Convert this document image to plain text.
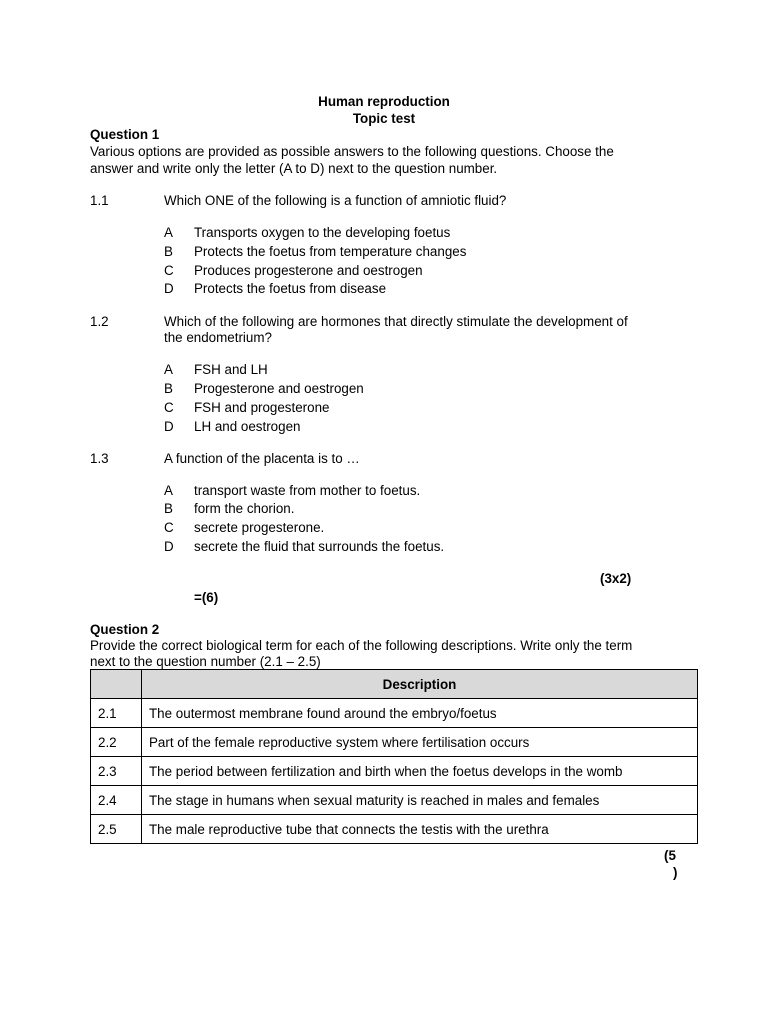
Human reproduction
Topic test
Question 1
Various options are provided as possible answers to the following questions. Choose the
answer and write only the letter (A to D) next to the question number.
1.1	Which ONE of the following is a function of amniotic fluid?
A Transports oxygen to the developing foetus
B Protects the foetus from temperature changes
C Produces progesterone and oestrogen
D Protects the foetus from disease
1.2	Which of the following are hormones that directly stimulate the development of
the endometrium?
A FSH and LH
B Progesterone and oestrogen
C FSH and progesterone
D LH and oestrogen
1.3	A function of the placenta is to …
A transport waste from mother to foetus.
B form the chorion.
C secrete progesterone.
D secrete the fluid that surrounds the foetus.
(3x2)
=(6)
Question 2
Provide the correct biological term for each of the following descriptions. Write only the term
next to the question number (2.1 – 2.5)
	Description
2.1	The outermost membrane found around the embryo/foetus
2.2	Part of the female reproductive system where fertilisation occurs
2.3	The period between fertilization and birth when the foetus develops in the womb
2.4	The stage in humans when sexual maturity is reached in males and females
2.5	The male reproductive tube that connects the testis with the urethra
(5
)
